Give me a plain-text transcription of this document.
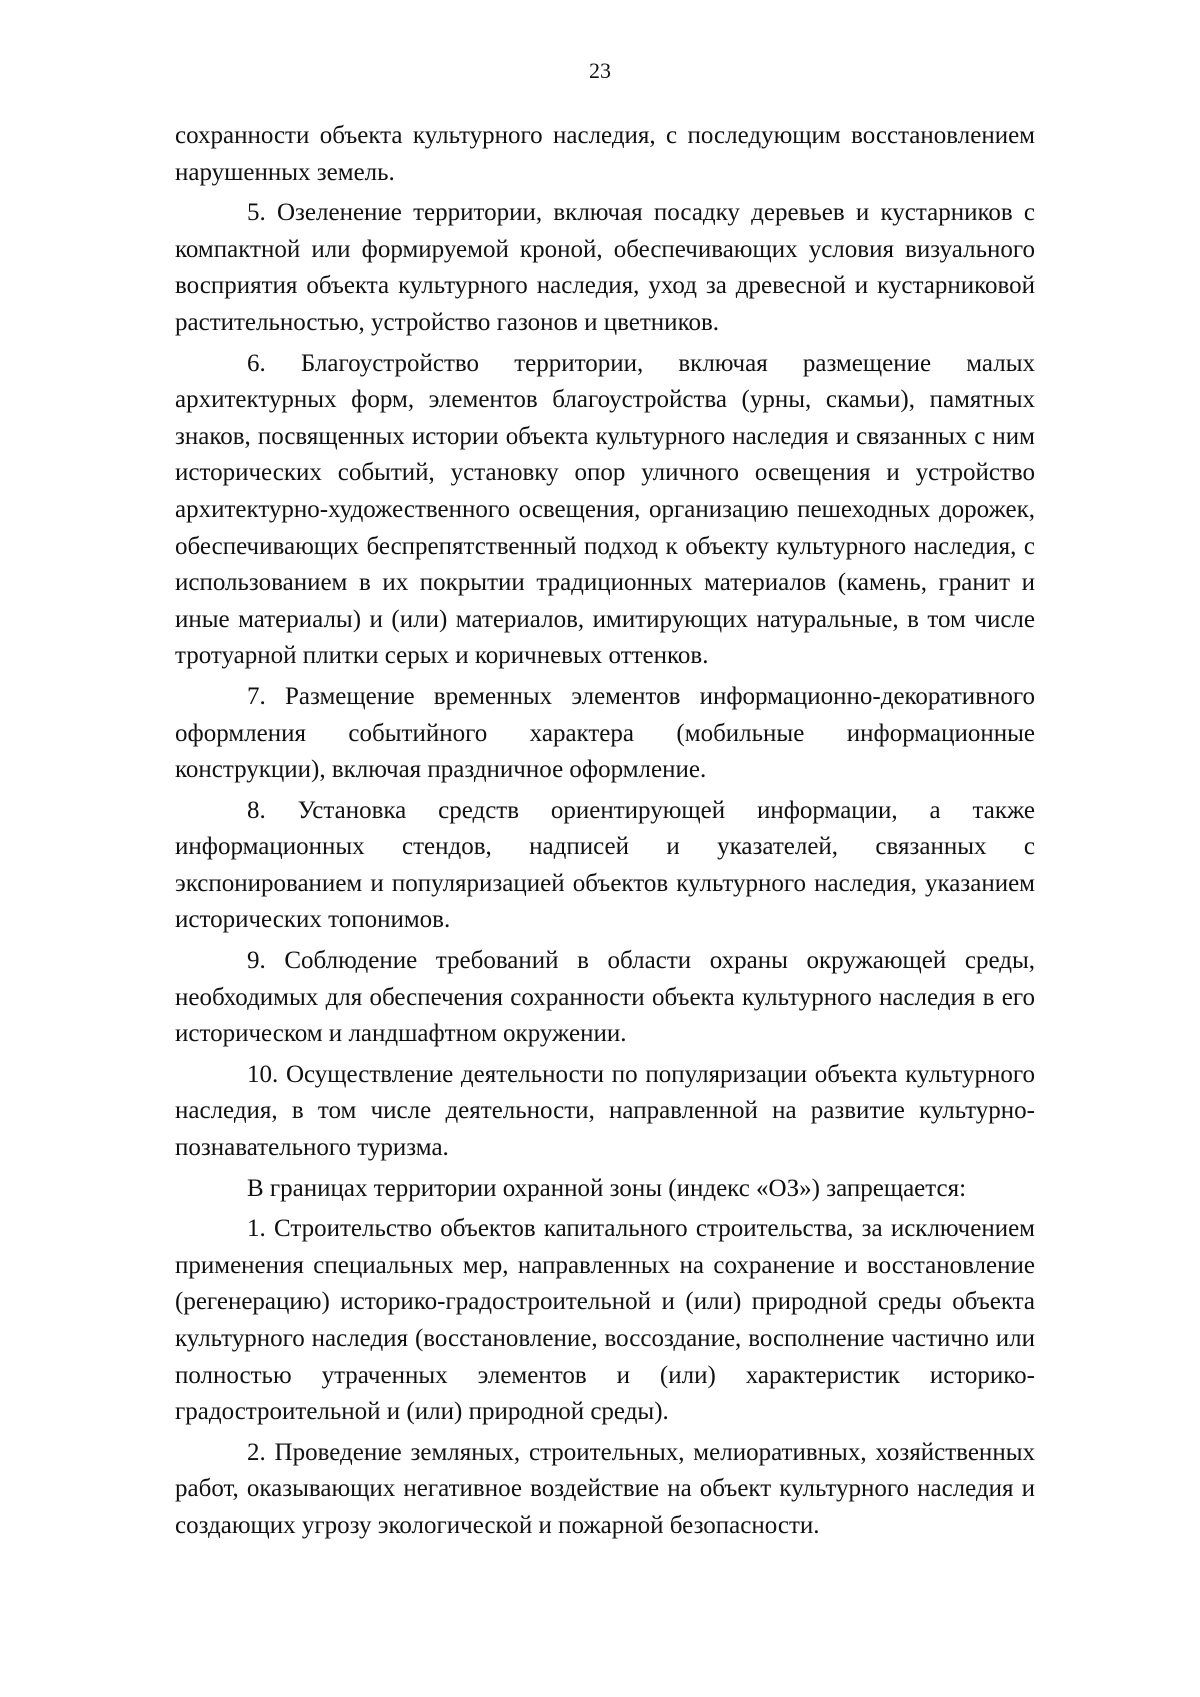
23

сохранности объекта культурного наследия, с последующим восстановлением нарушенных земель.

5. Озеленение территории, включая посадку деревьев и кустарников с компактной или формируемой кроной, обеспечивающих условия визуального восприятия объекта культурного наследия, уход за древесной и кустарниковой растительностью, устройство газонов и цветников.

6. Благоустройство территории, включая размещение малых архитектурных форм, элементов благоустройства (урны, скамьи), памятных знаков, посвященных истории объекта культурного наследия и связанных с ним исторических событий, установку опор уличного освещения и устройство архитектурно-художественного освещения, организацию пешеходных дорожек, обеспечивающих беспрепятственный подход к объекту культурного наследия, с использованием в их покрытии традиционных материалов (камень, гранит и иные материалы) и (или) материалов, имитирующих натуральные, в том числе тротуарной плитки серых и коричневых оттенков.

7. Размещение временных элементов информационно-декоративного оформления событийного характера (мобильные информационные конструкции), включая праздничное оформление.

8. Установка средств ориентирующей информации, а также информационных стендов, надписей и указателей, связанных с экспонированием и популяризацией объектов культурного наследия, указанием исторических топонимов.

9. Соблюдение требований в области охраны окружающей среды, необходимых для обеспечения сохранности объекта культурного наследия в его историческом и ландшафтном окружении.

10. Осуществление деятельности по популяризации объекта культурного наследия, в том числе деятельности, направленной на развитие культурно-познавательного туризма.

В границах территории охранной зоны (индекс «ОЗ») запрещается:

1. Строительство объектов капитального строительства, за исключением применения специальных мер, направленных на сохранение и восстановление (регенерацию) историко-градостроительной и (или) природной среды объекта культурного наследия (восстановление, воссоздание, восполнение частично или полностью утраченных элементов и (или) характеристик историко-градостроительной и (или) природной среды).

2. Проведение земляных, строительных, мелиоративных, хозяйственных работ, оказывающих негативное воздействие на объект культурного наследия и создающих угрозу экологической и пожарной безопасности.
